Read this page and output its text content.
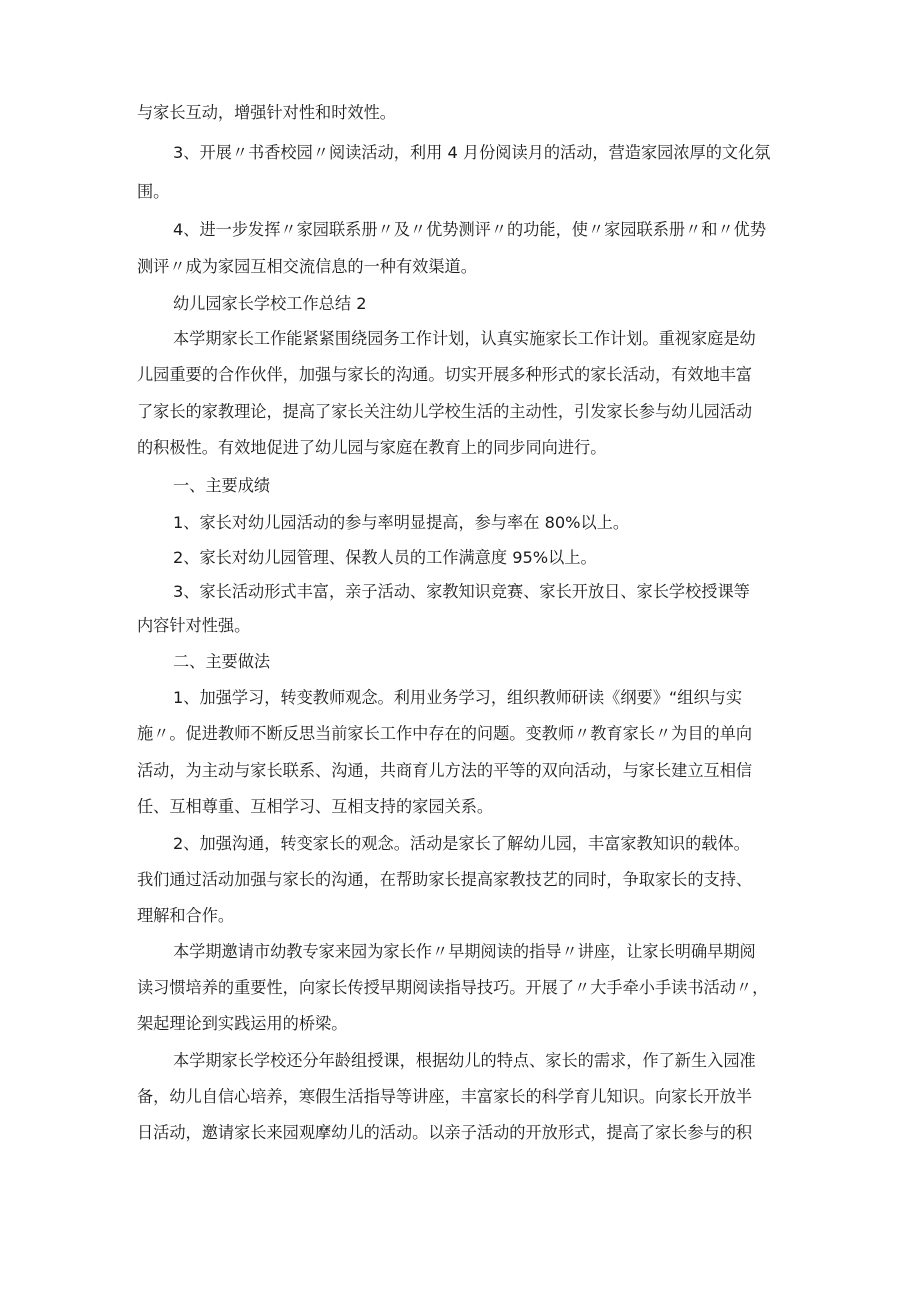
与家长互动，增强针对性和时效性。

3、开展〃书香校园〃阅读活动，利用 4 月份阅读月的活动，营造家园浓厚的文化氛

围。

4、进一步发挥〃家园联系册〃及〃优势测评〃的功能，使〃家园联系册〃和〃优势

测评〃成为家园互相交流信息的一种有效渠道。

幼儿园家长学校工作总结 2

本学期家长工作能紧紧围绕园务工作计划，认真实施家长工作计划。重视家庭是幼

儿园重要的合作伙伴，加强与家长的沟通。切实开展多种形式的家长活动，有效地丰富

了家长的家教理论，提高了家长关注幼儿学校生活的主动性，引发家长参与幼儿园活动

的积极性。有效地促进了幼儿园与家庭在教育上的同步同向进行。

一、主要成绩

1、家长对幼儿园活动的参与率明显提高，参与率在 80%以上。

2、家长对幼儿园管理、保教人员的工作满意度 95%以上。

3、家长活动形式丰富，亲子活动、家教知识竞赛、家长开放日、家长学校授课等

内容针对性强。

二、主要做法

1、加强学习，转变教师观念。利用业务学习，组织教师研读《纲要》“组织与实

施〃。促进教师不断反思当前家长工作中存在的问题。变教师〃教育家长〃为目的单向

活动，为主动与家长联系、沟通，共商育儿方法的平等的双向活动，与家长建立互相信

任、互相尊重、互相学习、互相支持的家园关系。

2、加强沟通，转变家长的观念。活动是家长了解幼儿园，丰富家教知识的载体。

我们通过活动加强与家长的沟通，在帮助家长提高家教技艺的同时，争取家长的支持、

理解和合作。

本学期邀请市幼教专家来园为家长作〃早期阅读的指导〃讲座，让家长明确早期阅

读习惯培养的重要性，向家长传授早期阅读指导技巧。开展了〃大手牵小手读书活动〃，

架起理论到实践运用的桥梁。

本学期家长学校还分年龄组授课，根据幼儿的特点、家长的需求，作了新生入园准

备，幼儿自信心培养，寒假生活指导等讲座，丰富家长的科学育儿知识。向家长开放半

日活动，邀请家长来园观摩幼儿的活动。以亲子活动的开放形式，提高了家长参与的积
